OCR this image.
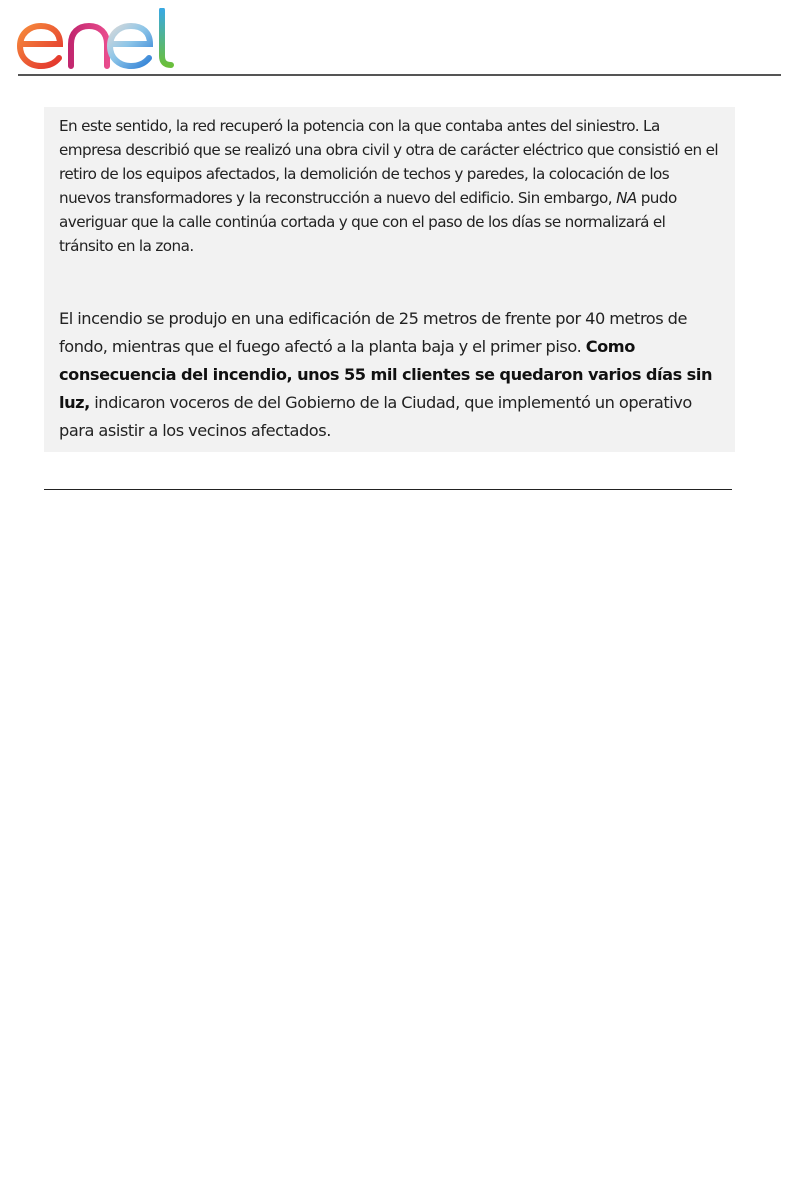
En este sentido, la red recuperó la potencia con la que contaba antes del siniestro. La empresa describió que se realizó una obra civil y otra de carácter eléctrico que consistió en el retiro de los equipos afectados, la demolición de techos y paredes, la colocación de los nuevos transformadores y la reconstrucción a nuevo del edificio. Sin embargo, NA pudo averiguar que la calle continúa cortada y que con el paso de los días se normalizará el tránsito en la zona.

El incendio se produjo en una edificación de 25 metros de frente por 40 metros de fondo, mientras que el fuego afectó a la planta baja y el primer piso. Como consecuencia del incendio, unos 55 mil clientes se quedaron varios días sin luz, indicaron voceros de del Gobierno de la Ciudad, que implementó un operativo para asistir a los vecinos afectados.
